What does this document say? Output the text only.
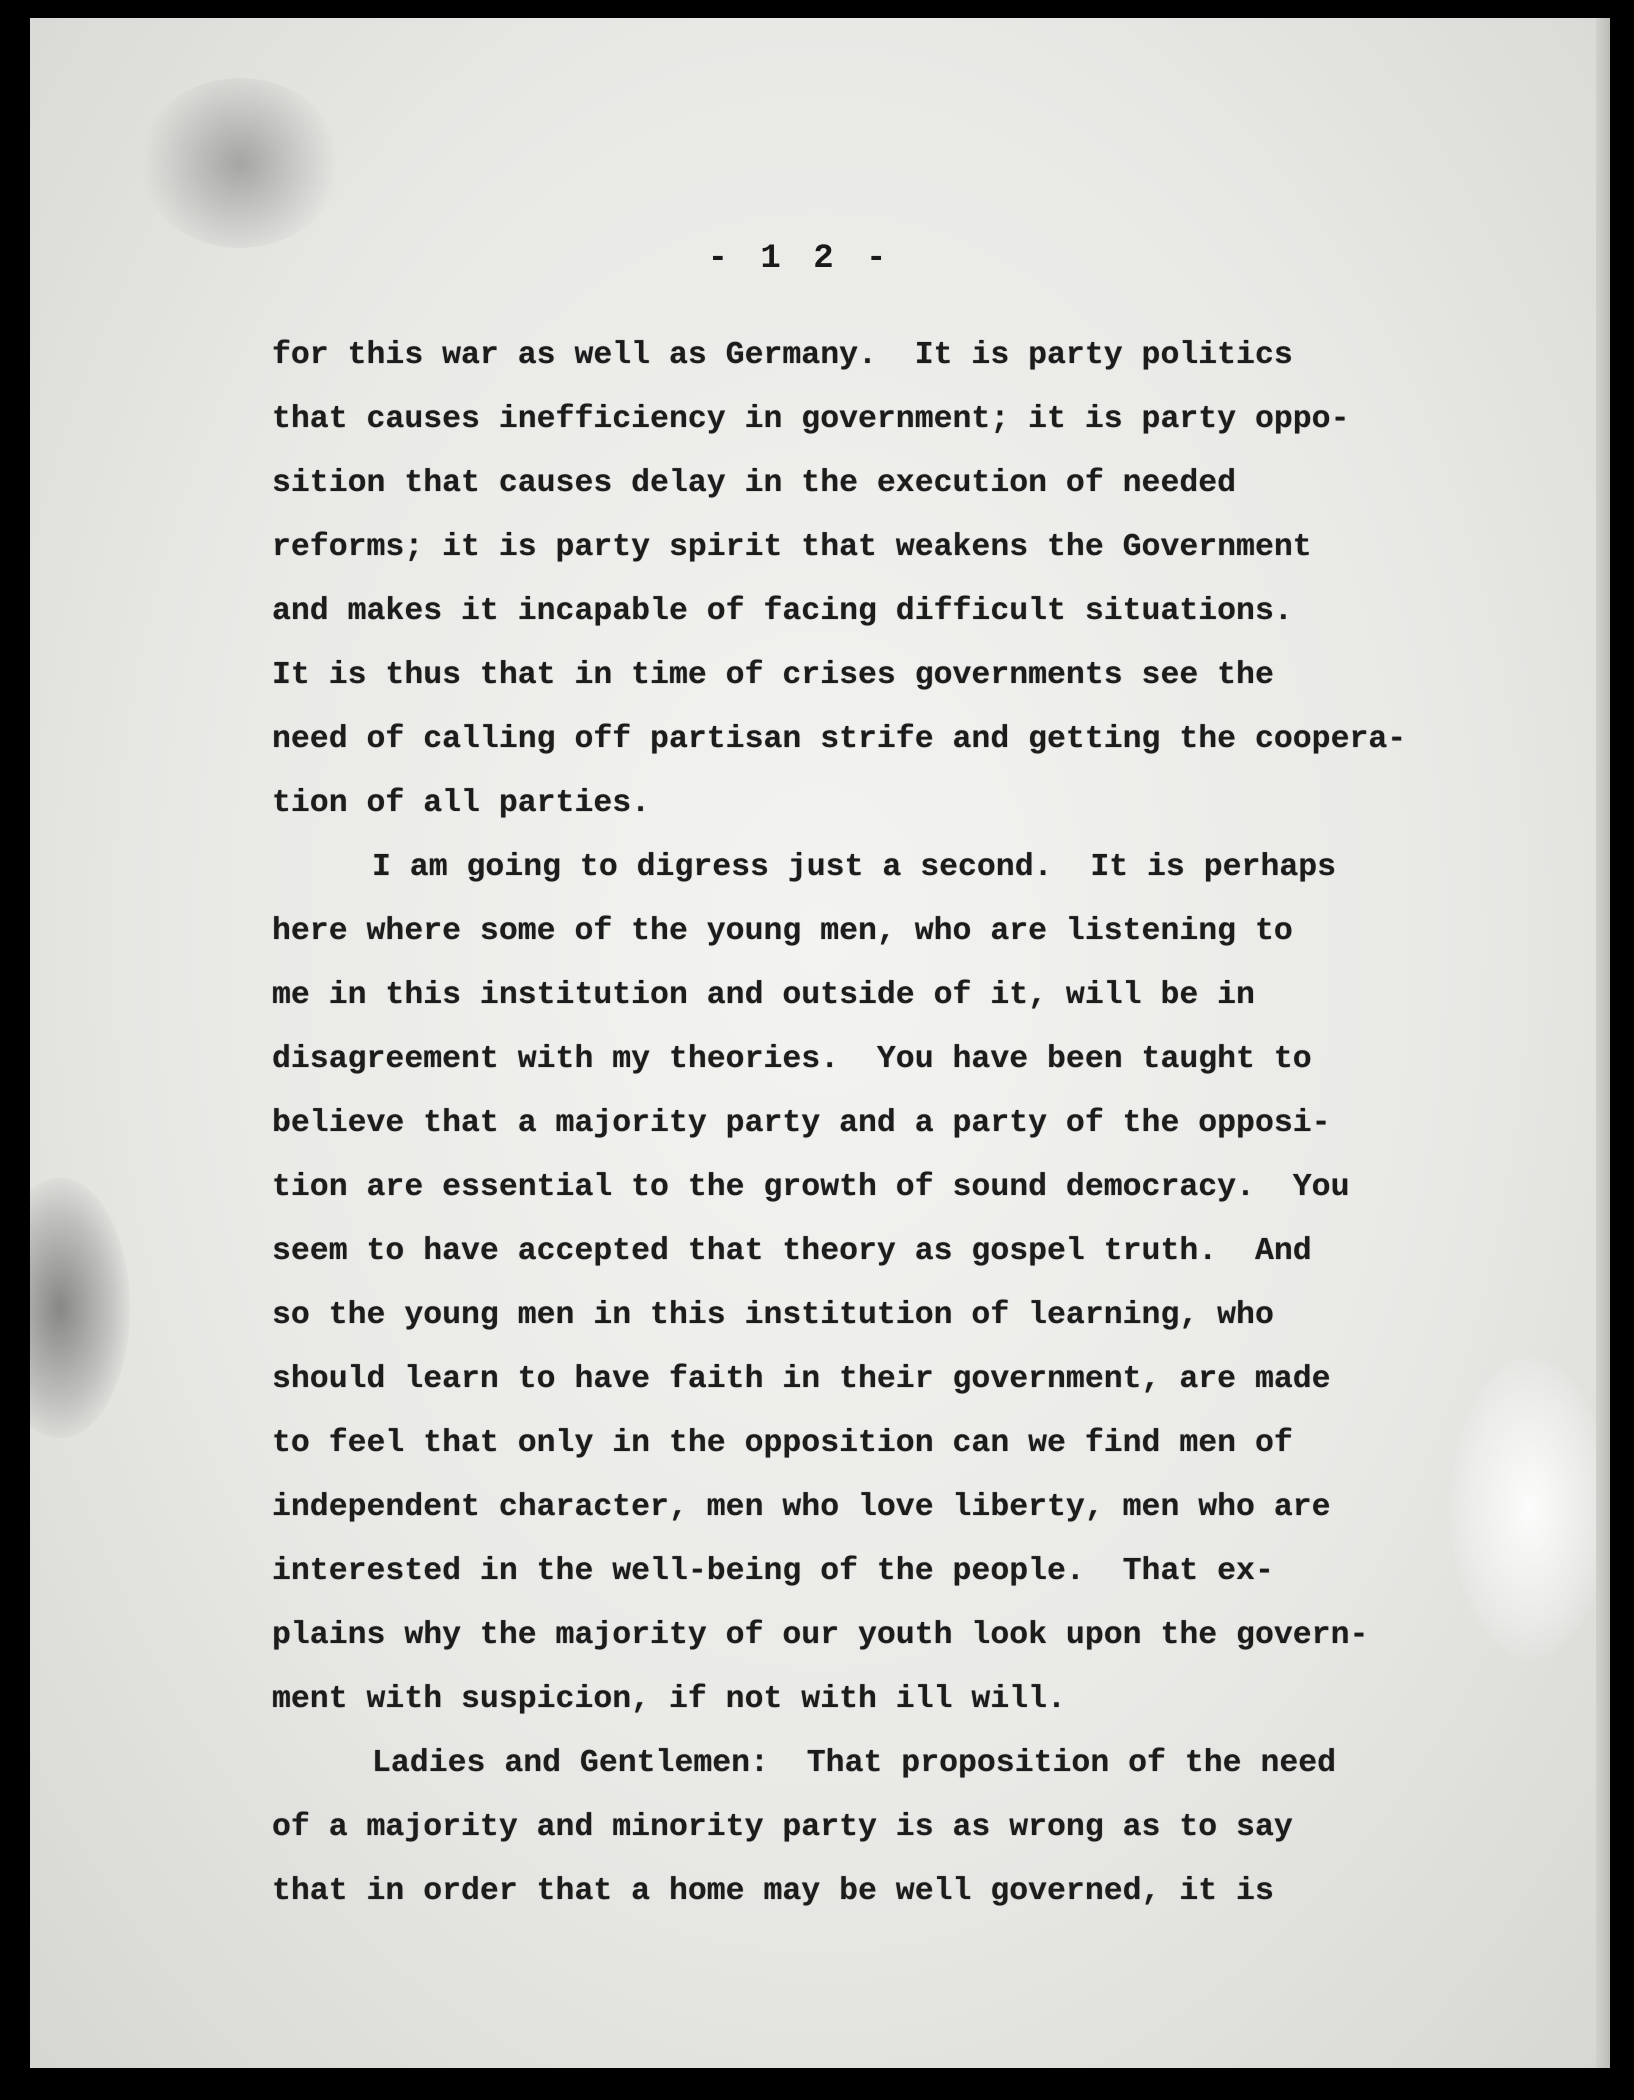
- 1 2 -
for this war as well as Germany.  It is party politics
that causes inefficiency in government; it is party oppo-
sition that causes delay in the execution of needed
reforms; it is party spirit that weakens the Government
and makes it incapable of facing difficult situations.
It is thus that in time of crises governments see the
need of calling off partisan strife and getting the coopera-
tion of all parties.
I am going to digress just a second.  It is perhaps
here where some of the young men, who are listening to
me in this institution and outside of it, will be in
disagreement with my theories.  You have been taught to
believe that a majority party and a party of the opposi-
tion are essential to the growth of sound democracy.  You
seem to have accepted that theory as gospel truth.  And
so the young men in this institution of learning, who
should learn to have faith in their government, are made
to feel that only in the opposition can we find men of
independent character, men who love liberty, men who are
interested in the well-being of the people.  That ex-
plains why the majority of our youth look upon the govern-
ment with suspicion, if not with ill will.
Ladies and Gentlemen:  That proposition of the need
of a majority and minority party is as wrong as to say
that in order that a home may be well governed, it is
